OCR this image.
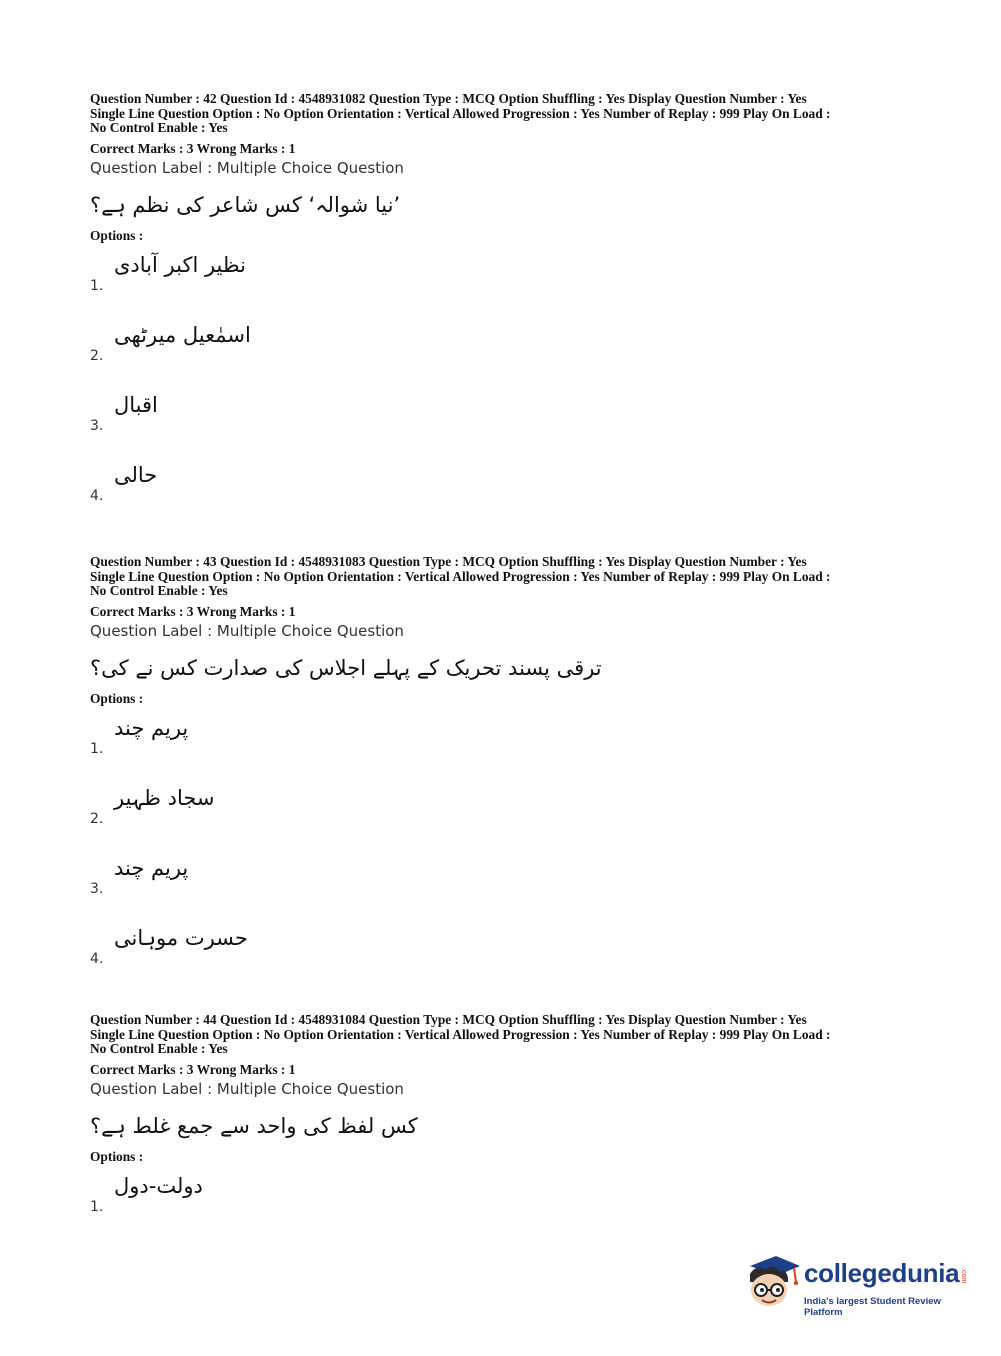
Question Number : 42 Question Id : 4548931082 Question Type : MCQ Option Shuffling : Yes Display Question Number : Yes

Single Line Question Option : No Option Orientation : Vertical Allowed Progression : Yes Number of Replay : 999 Play On Load :

No Control Enable : Yes

Correct Marks : 3 Wrong Marks : 1
Question Label : Multiple Choice Question
’نیا شوالہ‘ کس شاعر کی نظم ہے؟
Options :
1.
نظیر اکبر آبادی
2.
اسمٰعیل میرٹھی
3.
اقبال
4.
حالی

Question Number : 43 Question Id : 4548931083 Question Type : MCQ Option Shuffling : Yes Display Question Number : Yes

Single Line Question Option : No Option Orientation : Vertical Allowed Progression : Yes Number of Replay : 999 Play On Load :

No Control Enable : Yes

Correct Marks : 3 Wrong Marks : 1
Question Label : Multiple Choice Question
ترقی پسند تحریک کے پہلے اجلاس کی صدارت کس نے کی؟
Options :
1.
پریم چند
2.
سجاد ظہیر
3.
پریم چند
4.
حسرت موہانی

Question Number : 44 Question Id : 4548931084 Question Type : MCQ Option Shuffling : Yes Display Question Number : Yes

Single Line Question Option : No Option Orientation : Vertical Allowed Progression : Yes Number of Replay : 999 Play On Load :

No Control Enable : Yes

Correct Marks : 3 Wrong Marks : 1
Question Label : Multiple Choice Question
کس لفظ کی واحد سے جمع غلط ہے؟
Options :
1.
دولت-دول
collegedunia .com
India's largest Student Review Platform
